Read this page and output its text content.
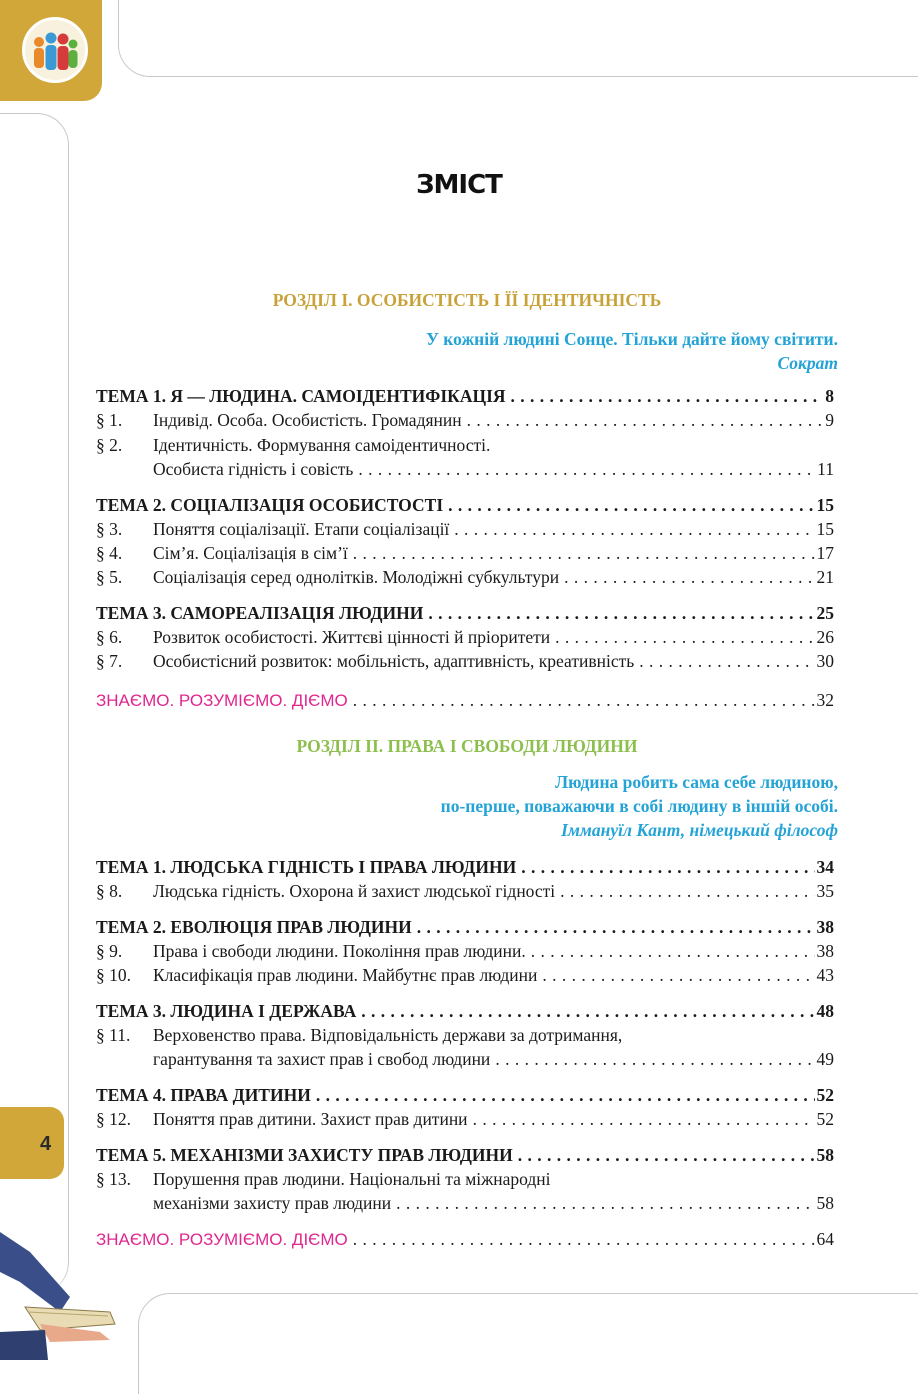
4
ЗМІСТ
РОЗДІЛ І. ОСОБИСТІСТЬ І ЇЇ ІДЕНТИЧНІСТЬ
У кожній людині Сонце. Тільки дайте йому світити.
Сократ
ТЕМА 1. Я — ЛЮДИНА. САМОІДЕНТИФІКАЦІЯ . . .	8
§ 1.	Індивід. Особа. Особистість. Громадянин . . .	9
§ 2.	Ідентичність. Формування самоідентичності.
Особиста гідність і совість . . .	11
ТЕМА 2. СОЦІАЛІЗАЦІЯ ОСОБИСТОСТІ . . .	15
§ 3.	Поняття соціалізації. Етапи соціалізації . . .	15
§ 4.	Сім’я. Соціалізація в сім’ї . . .	17
§ 5.	Соціалізація серед однолітків. Молодіжні субкультури . . .	21
ТЕМА 3. САМОРЕАЛІЗАЦІЯ ЛЮДИНИ . . .	25
§ 6.	Розвиток особистості. Життєві цінності й пріоритети . . .	26
§ 7.	Особистісний розвиток: мобільність, адаптивність, креативність . . .	30
ЗНАЄМО. РОЗУМІЄМО. ДІЄМО . . .	32
ТЕМА 1. ЛЮДСЬКА ГІДНІСТЬ І ПРАВА ЛЮДИНИ . . .	34
§ 8.	Людська гідність. Охорона й захист людської гідності . . .	35
ТЕМА 2. ЕВОЛЮЦІЯ ПРАВ ЛЮДИНИ . . .	38
§ 9.	Права і свободи людини. Покоління прав людини. . . .	38
§ 10.	Класифікація прав людини. Майбутнє прав людини . . .	43
ТЕМА 3. ЛЮДИНА І ДЕРЖАВА . . .	48
§ 11.	Верховенство права. Відповідальність держави за дотримання,
гарантування та захист прав і свобод людини . . .	49
ТЕМА 4. ПРАВА ДИТИНИ . . .	52
§ 12.	Поняття прав дитини. Захист прав дитини . . .	52
ТЕМА 5. МЕХАНІЗМИ ЗАХИСТУ ПРАВ ЛЮДИНИ . . .	58
§ 13.	Порушення прав людини. Національні та міжнародні
механізми захисту прав людини . . .	58
ЗНАЄМО. РОЗУМІЄМО. ДІЄМО . . .	64
РОЗДІЛ ІІ. ПРАВА І СВОБОДИ ЛЮДИНИ
Людина робить сама себе людиною,
по-перше, поважаючи в собі людину в іншій особі.
Іммануїл Кант, німецький філософ
